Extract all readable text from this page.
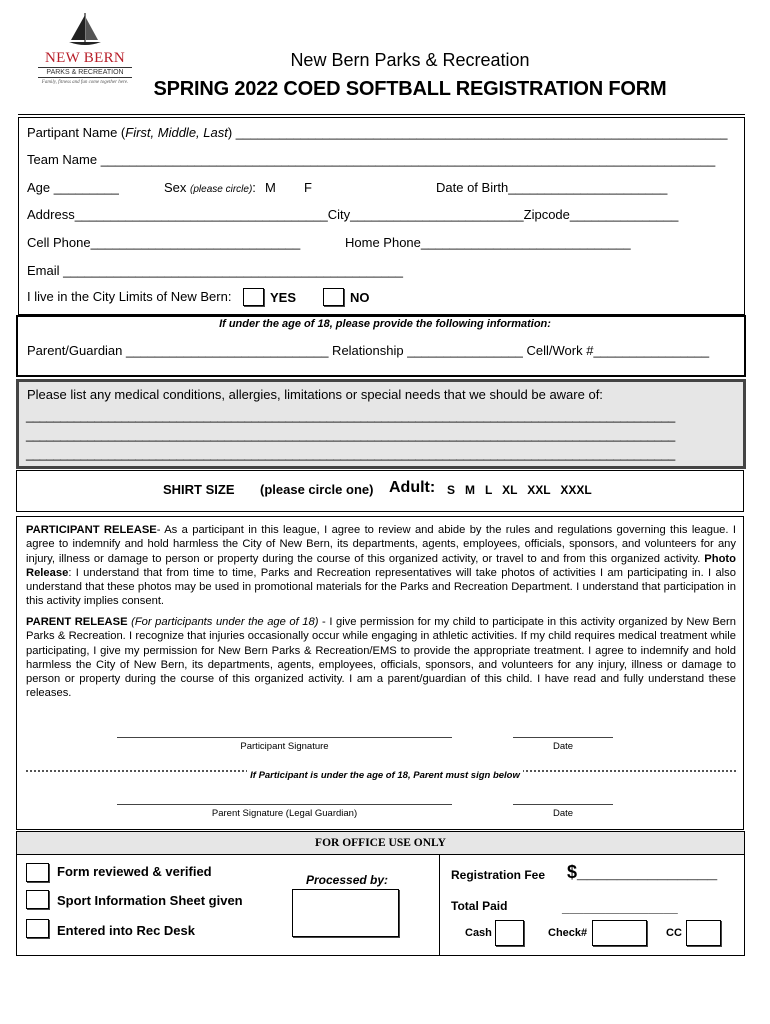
NEW BERN
PARKS & RECREATION
Family, fitness and fun come together here.
New Bern Parks & Recreation
SPRING 2022 COED SOFTBALL REGISTRATION FORM
Partipant Name (First, Middle, Last) ____________________________________________________________________
Team Name _____________________________________________________________________________________
Age _________	Sex (please circle): M F	Date of Birth______________________
Address___________________________________City________________________Zipcode_______________
Cell Phone_____________________________	Home Phone_____________________________
Email _______________________________________________
I live in the City Limits of New Bern:	YES	NO
If under the age of 18, please provide the following information:
Parent/Guardian ____________________________ Relationship ________________ Cell/Work #________________
Please list any medical conditions, allergies, limitations or special needs that we should be aware of:
_______________________________________________________________________________________________
_______________________________________________________________________________________________
_______________________________________________________________________________________________
SHIRT SIZE (please circle one) Adult: S   M   L   XL   XXL   XXXL
PARTICIPANT RELEASE- As a participant in this league, I agree to review and abide by the rules and regulations governing this league. I agree to indemnify and hold harmless the City of New Bern, its departments, agents, employees, officials, sponsors, and volunteers for any injury, illness or damage to person or property during the course of this organized activity, or travel to and from this organized activity. Photo Release: I understand that from time to time, Parks and Recreation representatives will take photos of activities I am participating in. I also understand that these photos may be used in promotional materials for the Parks and Recreation Department. I understand that participation in this activity implies consent.
PARENT RELEASE (For participants under the age of 18) - I give permission for my child to participate in this activity organized by New Bern Parks & Recreation. I recognize that injuries occasionally occur while engaging in athletic activities. If my child requires medical treatment while participating, I give my permission for New Bern Parks & Recreation/EMS to provide the appropriate treatment. I agree to indemnify and hold harmless the City of New Bern, its departments, agents, employees, officials, sponsors, and volunteers for any injury, illness or damage to person or property during the course of this organized activity. I am a parent/guardian of this child. I have read and fully understand these releases.
Participant Signature	Date
If Participant is under the age of 18, Parent must sign below
Parent Signature (Legal Guardian)	Date
FOR OFFICE USE ONLY
Form reviewed & verified
Sport Information Sheet given
Entered into Rec Desk
Processed by:	Registration Fee $______________
Total Paid	________________
Cash	Check#	CC
